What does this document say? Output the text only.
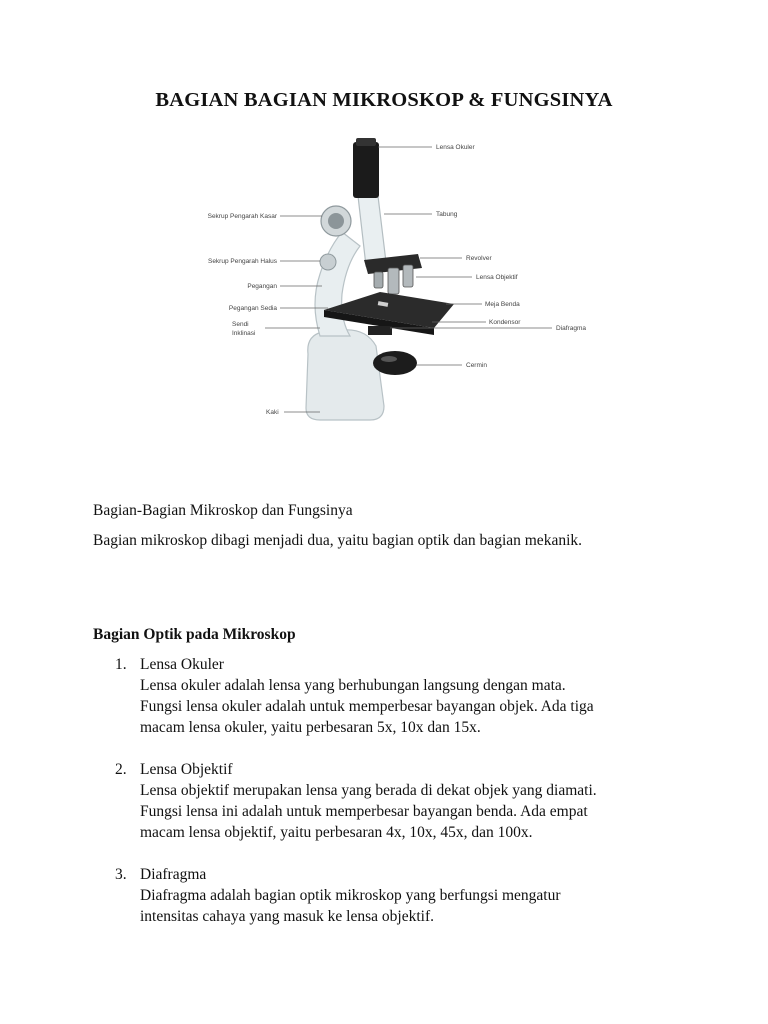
BAGIAN BAGIAN MIKROSKOP & FUNGSINYA
Lensa Okuler
Tabung
Sekrup Pengarah Kasar
Revolver
Sekrup Pengarah Halus
Lensa Objektif
Pegangan
Meja Benda
Pegangan Sedia
Kondensor
Sendi
Inklinasi
Diafragma
Cermin
Kaki
Bagian-Bagian Mikroskop dan Fungsinya
Bagian mikroskop dibagi menjadi dua, yaitu bagian optik dan bagian mekanik.
Bagian Optik pada Mikroskop
1. Lensa Okuler
Lensa okuler adalah lensa yang berhubungan langsung dengan mata.
Fungsi lensa okuler adalah untuk memperbesar bayangan objek. Ada tiga
macam lensa okuler, yaitu perbesaran 5x, 10x dan 15x.
2. Lensa Objektif
Lensa objektif merupakan lensa yang berada di dekat objek yang diamati.
Fungsi lensa ini adalah untuk memperbesar bayangan benda. Ada empat
macam lensa objektif, yaitu perbesaran 4x, 10x, 45x, dan 100x.
3. Diafragma
Diafragma adalah bagian optik mikroskop yang berfungsi mengatur
intensitas cahaya yang masuk ke lensa objektif.
